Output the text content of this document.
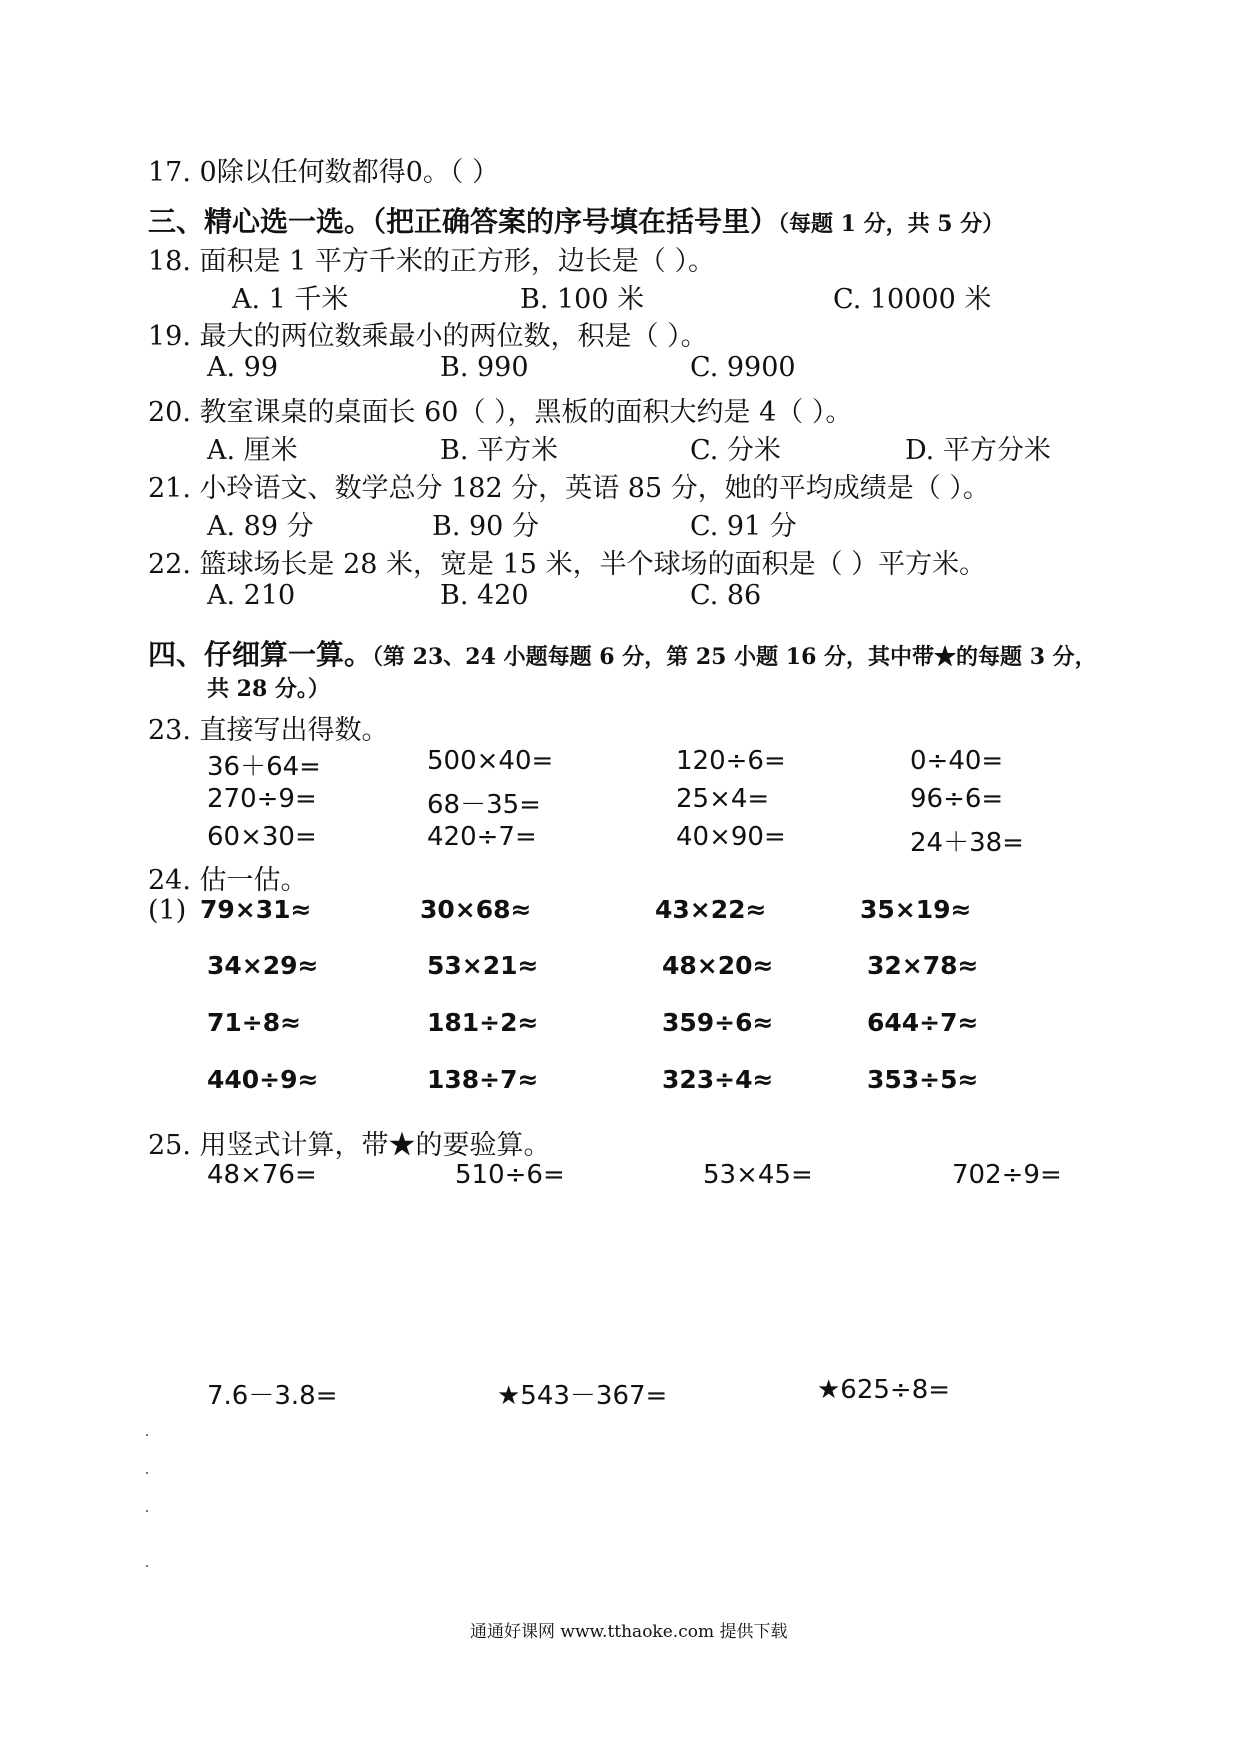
17. 0除以任何数都得0。（ ）
三、精心选一选。（把正确答案的序号填在括号里）（每题 1 分，共 5 分）
18. 面积是 1 平方千米的正方形，边长是（ ）。
A. 1 千米	B. 100 米	C. 10000 米
19. 最大的两位数乘最小的两位数，积是（ ）。
A. 99	B. 990	C. 9900
20. 教室课桌的桌面长 60（ ），黑板的面积大约是 4（ ）。
A. 厘米	B. 平方米	C. 分米	D. 平方分米
21. 小玲语文、数学总分 182 分，英语 85 分，她的平均成绩是（ ）。
A. 89 分	B. 90 分	C. 91 分
22. 篮球场长是 28 米，宽是 15 米，半个球场的面积是（ ）平方米。
A. 210	B. 420	C. 86
四、仔细算一算。（第 23、24 小题每题 6 分，第 25 小题 16 分，其中带★的每题 3 分，
共 28 分。）
23. 直接写出得数。
36＋64=	500×40=	120÷6=	0÷40=
270÷9=	68－35=	25×4=	96÷6=
60×30=	420÷7=	40×90=	24＋38=
24. 估一估。
(1) 79×31≈	30×68≈	43×22≈	35×19≈
34×29≈	53×21≈	48×20≈	32×78≈
71÷8≈	181÷2≈	359÷6≈	644÷7≈
440÷9≈	138÷7≈	323÷4≈	353÷5≈
25. 用竖式计算，带★的要验算。
48×76=	510÷6=	53×45=	702÷9=
7.6－3.8=	★543－367=	★625÷8=
通通好课网 www.tthaoke.com 提供下载
